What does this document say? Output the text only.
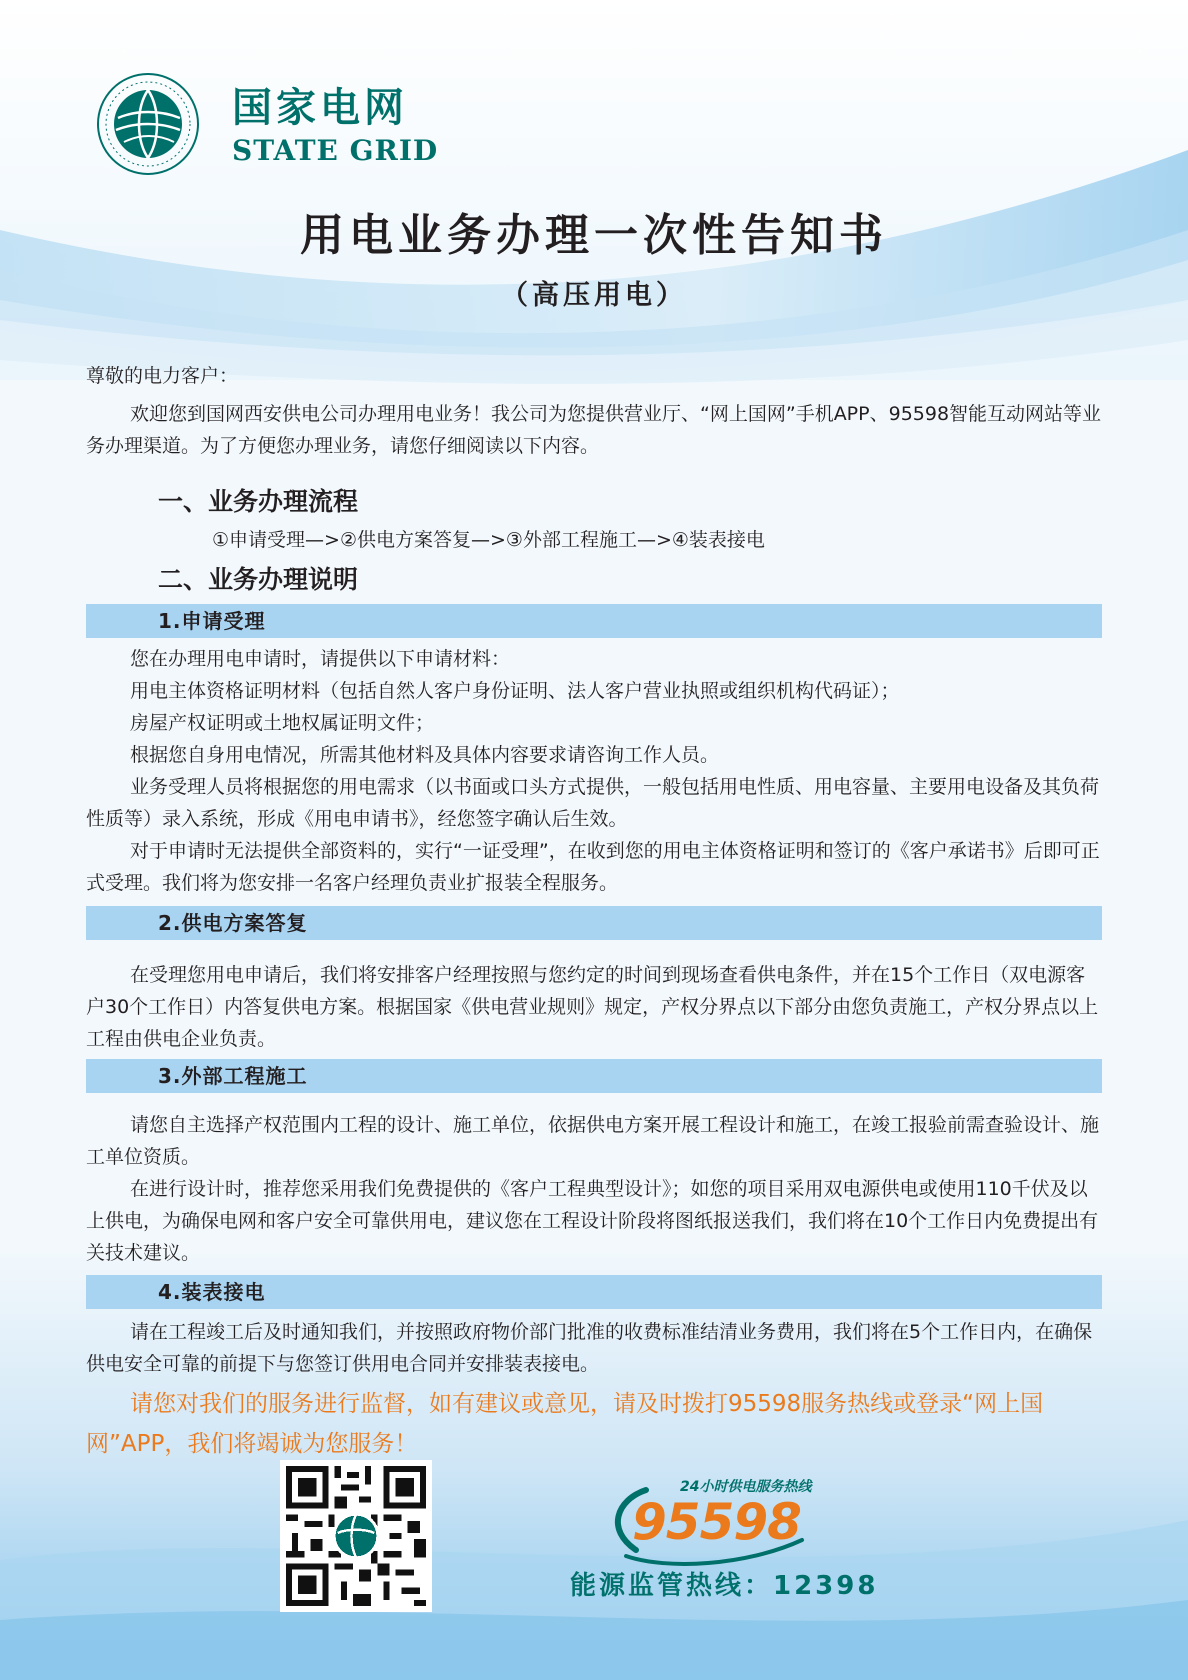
国家电网
STATE GRID
用电业务办理一次性告知书
（高压用电）
尊敬的电力客户：
欢迎您到国网西安供电公司办理用电业务！我公司为您提供营业厅、“网上国网”手机APP、95598智能互动网站等业务办理渠道。为了方便您办理业务，请您仔细阅读以下内容。
一、业务办理流程
①申请受理—>②供电方案答复—>③外部工程施工—>④装表接电
二、业务办理说明
1.申请受理
您在办理用电申请时，请提供以下申请材料：
用电主体资格证明材料（包括自然人客户身份证明、法人客户营业执照或组织机构代码证）；
房屋产权证明或土地权属证明文件；
根据您自身用电情况，所需其他材料及具体内容要求请咨询工作人员。
业务受理人员将根据您的用电需求（以书面或口头方式提供，一般包括用电性质、用电容量、主要用电设备及其负荷性质等）录入系统，形成《用电申请书》，经您签字确认后生效。
对于申请时无法提供全部资料的，实行“一证受理”，在收到您的用电主体资格证明和签订的《客户承诺书》后即可正式受理。我们将为您安排一名客户经理负责业扩报装全程服务。
2.供电方案答复
在受理您用电申请后，我们将安排客户经理按照与您约定的时间到现场查看供电条件，并在15个工作日（双电源客户30个工作日）内答复供电方案。根据国家《供电营业规则》规定，产权分界点以下部分由您负责施工，产权分界点以上工程由供电企业负责。
3.外部工程施工
请您自主选择产权范围内工程的设计、施工单位，依据供电方案开展工程设计和施工，在竣工报验前需查验设计、施工单位资质。
在进行设计时，推荐您采用我们免费提供的《客户工程典型设计》；如您的项目采用双电源供电或使用110千伏及以上供电，为确保电网和客户安全可靠供用电，建议您在工程设计阶段将图纸报送我们，我们将在10个工作日内免费提出有关技术建议。
4.装表接电
请在工程竣工后及时通知我们，并按照政府物价部门批准的收费标准结清业务费用，我们将在5个工作日内，在确保供电安全可靠的前提下与您签订供用电合同并安排装表接电。
请您对我们的服务进行监督，如有建议或意见，请及时拨打95598服务热线或登录“网上国网”APP，我们将竭诚为您服务！
24小时供电服务热线
95598
能源监管热线：12398
